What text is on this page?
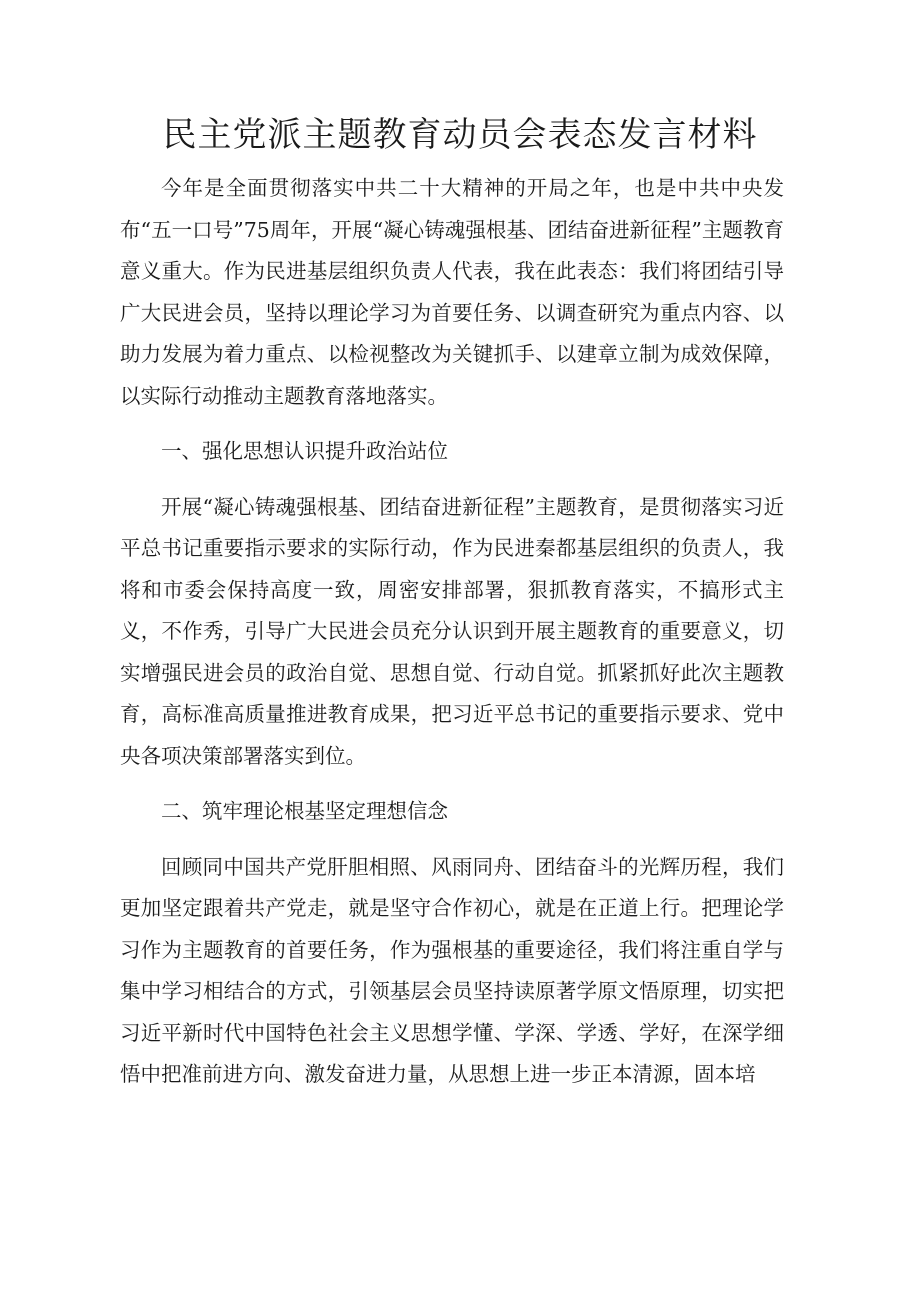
民主党派主题教育动员会表态发言材料

今年是全面贯彻落实中共二十大精神的开局之年，也是中共中央发布“五一口号”75周年，开展“凝心铸魂强根基、团结奋进新征程”主题教育意义重大。作为民进基层组织负责人代表，我在此表态：我们将团结引导广大民进会员，坚持以理论学习为首要任务、以调查研究为重点内容、以助力发展为着力重点、以检视整改为关键抓手、以建章立制为成效保障，以实际行动推动主题教育落地落实。

一、强化思想认识提升政治站位

开展“凝心铸魂强根基、团结奋进新征程”主题教育，是贯彻落实习近平总书记重要指示要求的实际行动，作为民进秦都基层组织的负责人，我将和市委会保持高度一致，周密安排部署，狠抓教育落实，不搞形式主义，不作秀，引导广大民进会员充分认识到开展主题教育的重要意义，切实增强民进会员的政治自觉、思想自觉、行动自觉。抓紧抓好此次主题教育，高标准高质量推进教育成果，把习近平总书记的重要指示要求、党中央各项决策部署落实到位。

二、筑牢理论根基坚定理想信念

回顾同中国共产党肝胆相照、风雨同舟、团结奋斗的光辉历程，我们更加坚定跟着共产党走，就是坚守合作初心，就是在正道上行。把理论学习作为主题教育的首要任务，作为强根基的重要途径，我们将注重自学与集中学习相结合的方式，引领基层会员坚持读原著学原文悟原理，切实把习近平新时代中国特色社会主义思想学懂、学深、学透、学好，在深学细悟中把准前进方向、激发奋进力量，从思想上进一步正本清源，固本培
